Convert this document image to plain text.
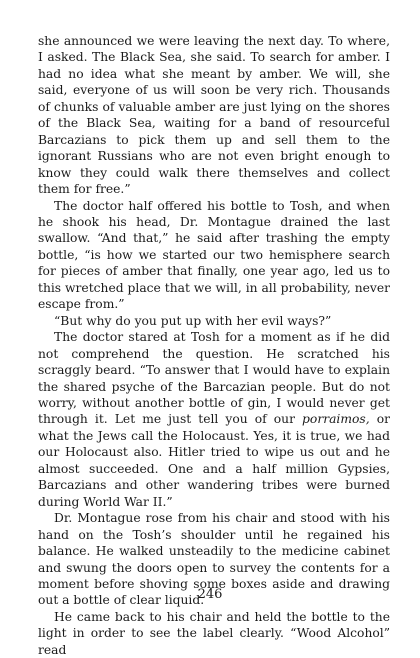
she announced we were leaving the next day. To where, I asked. The Black Sea, she said. To search for amber. I had no idea what she meant by amber. We will, she said, everyone of us will soon be very rich. Thousands of chunks of valuable amber are just lying on the shores of the Black Sea, waiting for a band of resourceful Barcazians to pick them up and sell them to the ignorant Russians who are not even bright enough to know they could walk there themselves and collect them for free.”

The doctor half offered his bottle to Tosh, and when he shook his head, Dr. Montague drained the last swallow. “And that,” he said after trashing the empty bottle, “is how we started our two hemisphere search for pieces of amber that finally, one year ago, led us to this wretched place that we will, in all probability, never escape from.”

“But why do you put up with her evil ways?”

The doctor stared at Tosh for a moment as if he did not comprehend the question. He scratched his scraggly beard. “To answer that I would have to explain the shared psyche of the Barcazian people. But do not worry, without another bottle of gin, I would never get through it. Let me just tell you of our porraimos, or what the Jews call the Holocaust. Yes, it is true, we had our Holocaust also. Hitler tried to wipe us out and he almost succeeded. One and a half million Gypsies, Barcazians and other wandering tribes were burned during World War II.”

Dr. Montague rose from his chair and stood with his hand on the Tosh’s shoulder until he regained his balance. He walked unsteadily to the medicine cabinet and swung the doors open to survey the contents for a moment before shoving some boxes aside and drawing out a bottle of clear liquid.

He came back to his chair and held the bottle to the light in order to see the label clearly. “Wood Alcohol” read

246
